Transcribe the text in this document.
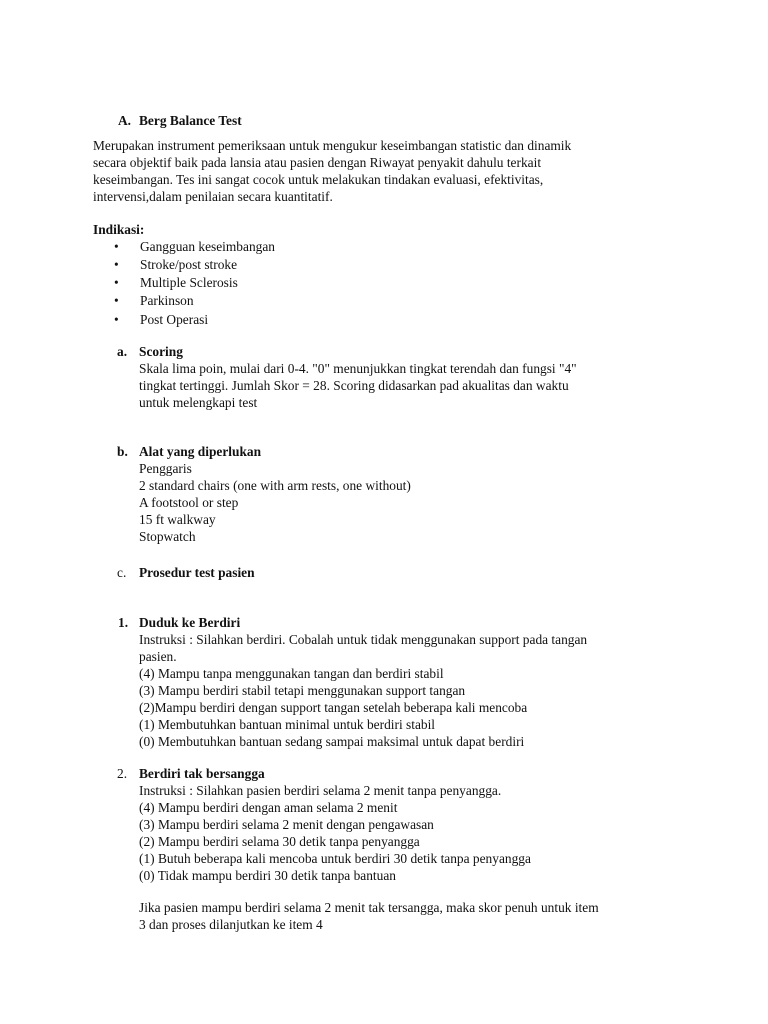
A. Berg Balance Test
Merupakan instrument pemeriksaan untuk mengukur keseimbangan statistic dan dinamik
secara objektif baik pada lansia atau pasien dengan Riwayat penyakit dahulu terkait
keseimbangan. Tes ini sangat cocok untuk melakukan tindakan evaluasi, efektivitas,
intervensi,dalam penilaian secara kuantitatif.
Indikasi:
• Gangguan keseimbangan
• Stroke/post stroke
• Multiple Sclerosis
• Parkinson
• Post Operasi
a. Scoring
Skala lima poin, mulai dari 0-4. "0" menunjukkan tingkat terendah dan fungsi "4"
tingkat tertinggi. Jumlah Skor = 28. Scoring didasarkan pad akualitas dan waktu
untuk melengkapi test
b. Alat yang diperlukan
Penggaris
2 standard chairs (one with arm rests, one without)
A footstool or step
15 ft walkway
Stopwatch
c. Prosedur test pasien
1. Duduk ke Berdiri
Instruksi : Silahkan berdiri. Cobalah untuk tidak menggunakan support pada tangan
pasien.
(4) Mampu tanpa menggunakan tangan dan berdiri stabil
(3) Mampu berdiri stabil tetapi menggunakan support tangan
(2)Mampu berdiri dengan support tangan setelah beberapa kali mencoba
(1) Membutuhkan bantuan minimal untuk berdiri stabil
(0) Membutuhkan bantuan sedang sampai maksimal untuk dapat berdiri
2. Berdiri tak bersangga
Instruksi : Silahkan pasien berdiri selama 2 menit tanpa penyangga.
(4) Mampu berdiri dengan aman selama 2 menit
(3) Mampu berdiri selama 2 menit dengan pengawasan
(2) Mampu berdiri selama 30 detik tanpa penyangga
(1) Butuh beberapa kali mencoba untuk berdiri 30 detik tanpa penyangga
(0) Tidak mampu berdiri 30 detik tanpa bantuan
Jika pasien mampu berdiri selama 2 menit tak tersangga, maka skor penuh untuk item
3 dan proses dilanjutkan ke item 4
